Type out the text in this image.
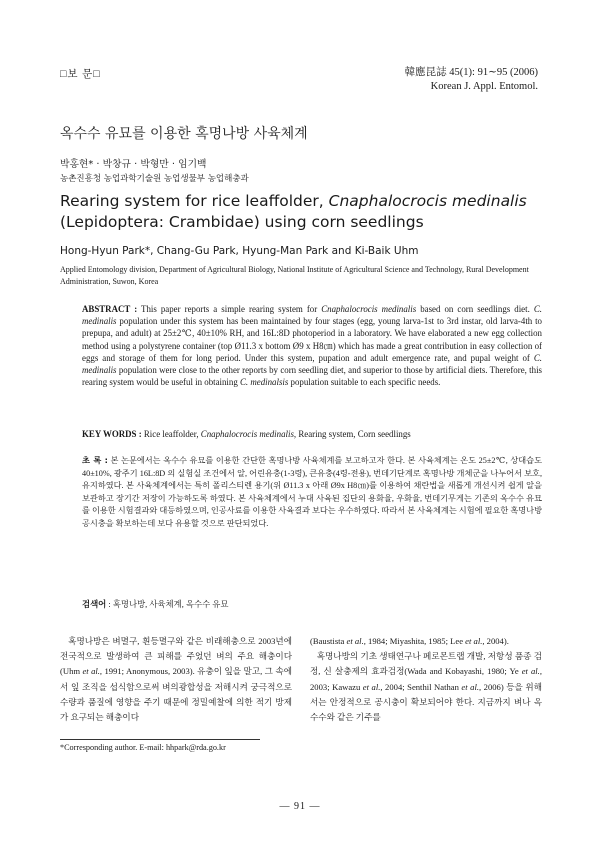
□보 문□	韓應昆誌 45(1): 91∼95 (2006)
Korean J. Appl. Entomol.
옥수수 유묘를 이용한 혹명나방 사육체계
박홍현* · 박창규 · 박형만 · 임기백
농촌진흥청 농업과학기술원 농업생물부 농업해충과
Rearing system for rice leaffolder, Cnaphalocrocis medinalis
(Lepidoptera: Crambidae) using corn seedlings
Hong-Hyun Park*, Chang-Gu Park, Hyung-Man Park and Ki-Baik Uhm
Applied Entomology division, Department of Agricultural Biology, National Institute of Agricultural Science and Technology, Rural Development Administration, Suwon, Korea
ABSTRACT : This paper reports a simple rearing system for Cnaphalocrocis medinalis based on corn seedlings diet. C. medinalis population under this system has been maintained by four stages (egg, young larva-1st to 3rd instar, old larva-4th to prepupa, and adult) at 25±2℃, 40±10% RH, and 16L:8D photoperiod in a laboratory. We have elaborated a new egg collection method using a polystyrene container (top Ø11.3 x bottom Ø9 x H8㎝) which has made a great contribution in easy collection of eggs and storage of them for long period. Under this system, pupation and adult emergence rate, and pupal weight of C. medinalis population were close to the other reports by corn seedling diet, and superior to those by artificial diets. Therefore, this rearing system would be useful in obtaining C. medinalsis population suitable to each specific needs.
KEY WORDS : Rice leaffolder, Cnaphalocrocis medinalis, Rearing system, Corn seedlings
초 록 : 본 논문에서는 옥수수 유묘를 이용한 간단한 혹명나방 사육체계를 보고하고자 한다. 본 사육체계는 온도 25±2℃, 상대습도 40±10%, 광주기 16L:8D 의 실험실 조건에서 알, 어린유충(1-3령), 큰유충(4령-전용), 번데기단계로 혹명나방 개체군을 나누어서 보호, 유지하였다. 본 사육체계에서는 특히 폴리스티렌 용기(위 Ø11.3 x 아래 Ø9x H8㎝)를 이용하여 채란법을 새롭게 개선시켜 쉽게 알을 보관하고 장기간 저장이 가능하도록 하였다. 본 사육체계에서 누대 사육된 집단의 용화율, 우화율, 번데기무게는 기존의 옥수수 유묘를 이용한 시험결과와 대등하였으며, 인공사료를 이용한 사육결과 보다는 우수하였다. 따라서 본 사육체계는 시험에 필요한 혹명나방 공시충을 확보하는데 보다 유용할 것으로 판단되었다.
검색어 : 혹명나방, 사육체계, 옥수수 유묘
혹명나방은 벼멸구, 흰등멸구와 같은 비래해충으로 2003년에 전국적으로 발생하여 큰 피해를 주었던 벼의 주요 해충이다(Uhm et al., 1991; Anonymous, 2003). 유충이 잎을 말고, 그 속에서 잎 조직을 섭식함으로써 벼의광합성을 저해시켜 궁극적으로 수량과 품질에 영향을 주기 때문에 정밀예찰에 의한 적기 방제가 요구되는 해충이다
(Baustista et al., 1984; Miyashita, 1985; Lee et al., 2004).
혹명나방의 기초 생태연구나 페로몬트랩 개발, 저항성 품종 검정, 신 살충제의 효과검정(Wada and Kobayashi, 1980; Ye et al., 2003; Kawazu et al., 2004; Senthil Nathan et al., 2006) 등을 위해서는 안정적으로 공시충이 확보되어야 한다. 지금까지 벼나 옥수수와 같은 기주를
*Corresponding author. E-mail: hhpark@rda.go.kr
— 91 —
